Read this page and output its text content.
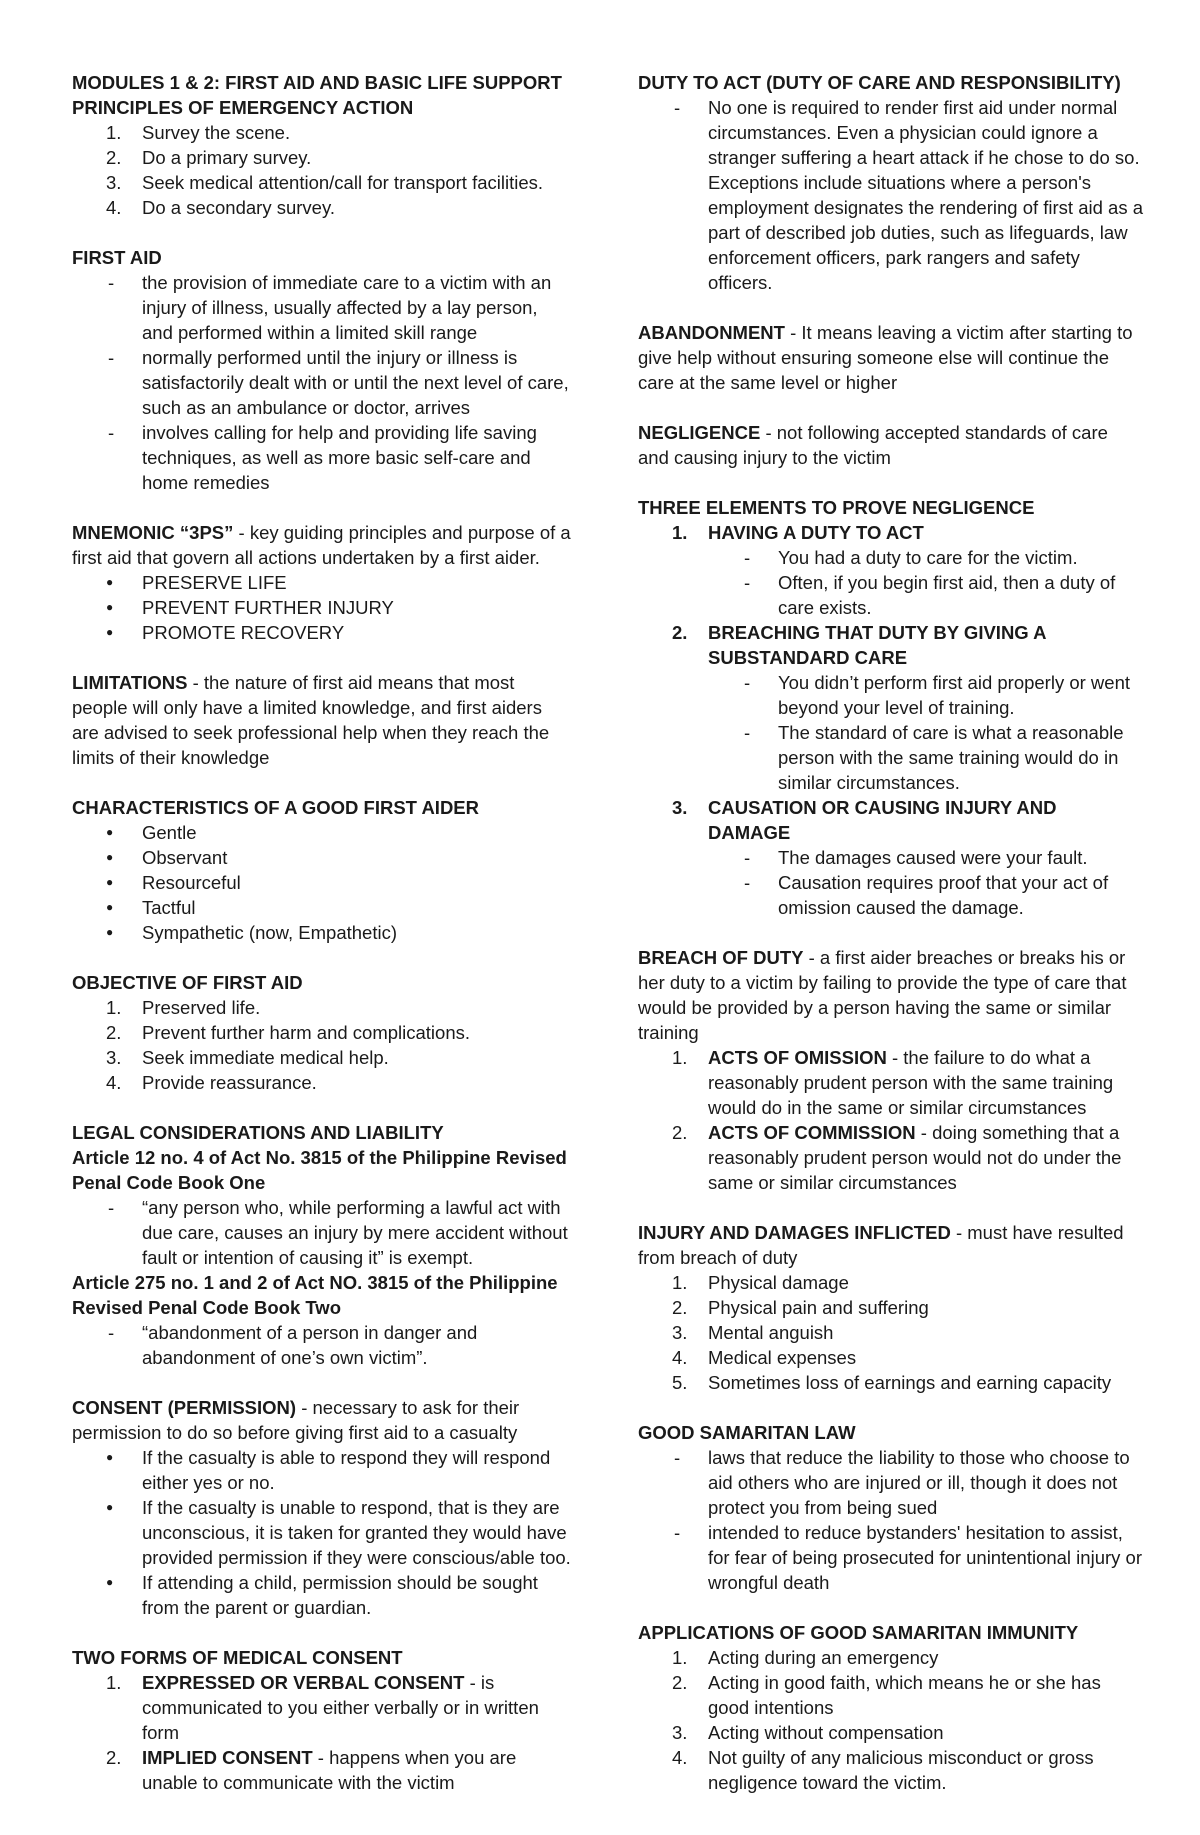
MODULES 1 & 2: FIRST AID AND BASIC LIFE SUPPORT
PRINCIPLES OF EMERGENCY ACTION
1. Survey the scene.
2. Do a primary survey.
3. Seek medical attention/call for transport facilities.
4. Do a secondary survey.
FIRST AID
- the provision of immediate care to a victim with an injury of illness, usually affected by a lay person, and performed within a limited skill range
- normally performed until the injury or illness is satisfactorily dealt with or until the next level of care, such as an ambulance or doctor, arrives
- involves calling for help and providing life saving techniques, as well as more basic self-care and home remedies

MNEMONIC “3PS” - key guiding principles and purpose of a first aid that govern all actions undertaken by a first aider.

● PRESERVE LIFE
● PREVENT FURTHER INJURY
● PROMOTE RECOVERY

LIMITATIONS - the nature of first aid means that most people will only have a limited knowledge, and first aiders are advised to seek professional help when they reach the limits of their knowledge

CHARACTERISTICS OF A GOOD FIRST AIDER
● Gentle
● Observant
● Resourceful
● Tactful
● Sympathetic (now, Empathetic)
OBJECTIVE OF FIRST AID
1. Preserved life.
2. Prevent further harm and complications.
3. Seek immediate medical help.
4. Provide reassurance.
LEGAL CONSIDERATIONS AND LIABILITY
Article 12 no. 4 of Act No. 3815 of the Philippine Revised Penal Code Book One
- “any person who, while performing a lawful act with due care, causes an injury by mere accident without fault or intention of causing it” is exempt.
Article 275 no. 1 and 2 of Act NO. 3815 of the Philippine Revised Penal Code Book Two
- “abandonment of a person in danger and abandonment of one’s own victim”.

CONSENT (PERMISSION) - necessary to ask for their permission to do so before giving first aid to a casualty

● If the casualty is able to respond they will respond either yes or no.
● If the casualty is unable to respond, that is they are unconscious, it is taken for granted they would have provided permission if they were conscious/able too.
● If attending a child, permission should be sought from the parent or guardian.
TWO FORMS OF MEDICAL CONSENT
1. EXPRESSED OR VERBAL CONSENT - is communicated to you either verbally or in written form
2. IMPLIED CONSENT - happens when you are unable to communicate with the victim
DUTY TO ACT (DUTY OF CARE AND RESPONSIBILITY)
- No one is required to render first aid under normal circumstances. Even a physician could ignore a stranger suffering a heart attack if he chose to do so. Exceptions include situations where a person's employment designates the rendering of first aid as a part of described job duties, such as lifeguards, law enforcement officers, park rangers and safety officers.

ABANDONMENT - It means leaving a victim after starting to give help without ensuring someone else will continue the care at the same level or higher

NEGLIGENCE - not following accepted standards of care and causing injury to the victim

THREE ELEMENTS TO PROVE NEGLIGENCE
1. HAVING A DUTY TO ACT
- You had a duty to care for the victim.
- Often, if you begin first aid, then a duty of care exists.
2. BREACHING THAT DUTY BY GIVING A SUBSTANDARD CARE
- You didn’t perform first aid properly or went beyond your level of training.
- The standard of care is what a reasonable person with the same training would do in similar circumstances.
3. CAUSATION OR CAUSING INJURY AND DAMAGE
- The damages caused were your fault.
- Causation requires proof that your act of omission caused the damage.

BREACH OF DUTY - a first aider breaches or breaks his or her duty to a victim by failing to provide the type of care that would be provided by a person having the same or similar training

1. ACTS OF OMISSION - the failure to do what a reasonably prudent person with the same training would do in the same or similar circumstances
2. ACTS OF COMMISSION - doing something that a reasonably prudent person would not do under the same or similar circumstances

INJURY AND DAMAGES INFLICTED - must have resulted from breach of duty

1. Physical damage
2. Physical pain and suffering
3. Mental anguish
4. Medical expenses
5. Sometimes loss of earnings and earning capacity
GOOD SAMARITAN LAW
- laws that reduce the liability to those who choose to aid others who are injured or ill, though it does not protect you from being sued
- intended to reduce bystanders' hesitation to assist, for fear of being prosecuted for unintentional injury or wrongful death
APPLICATIONS OF GOOD SAMARITAN IMMUNITY
1. Acting during an emergency
2. Acting in good faith, which means he or she has good intentions
3. Acting without compensation
4. Not guilty of any malicious misconduct or gross negligence toward the victim.
